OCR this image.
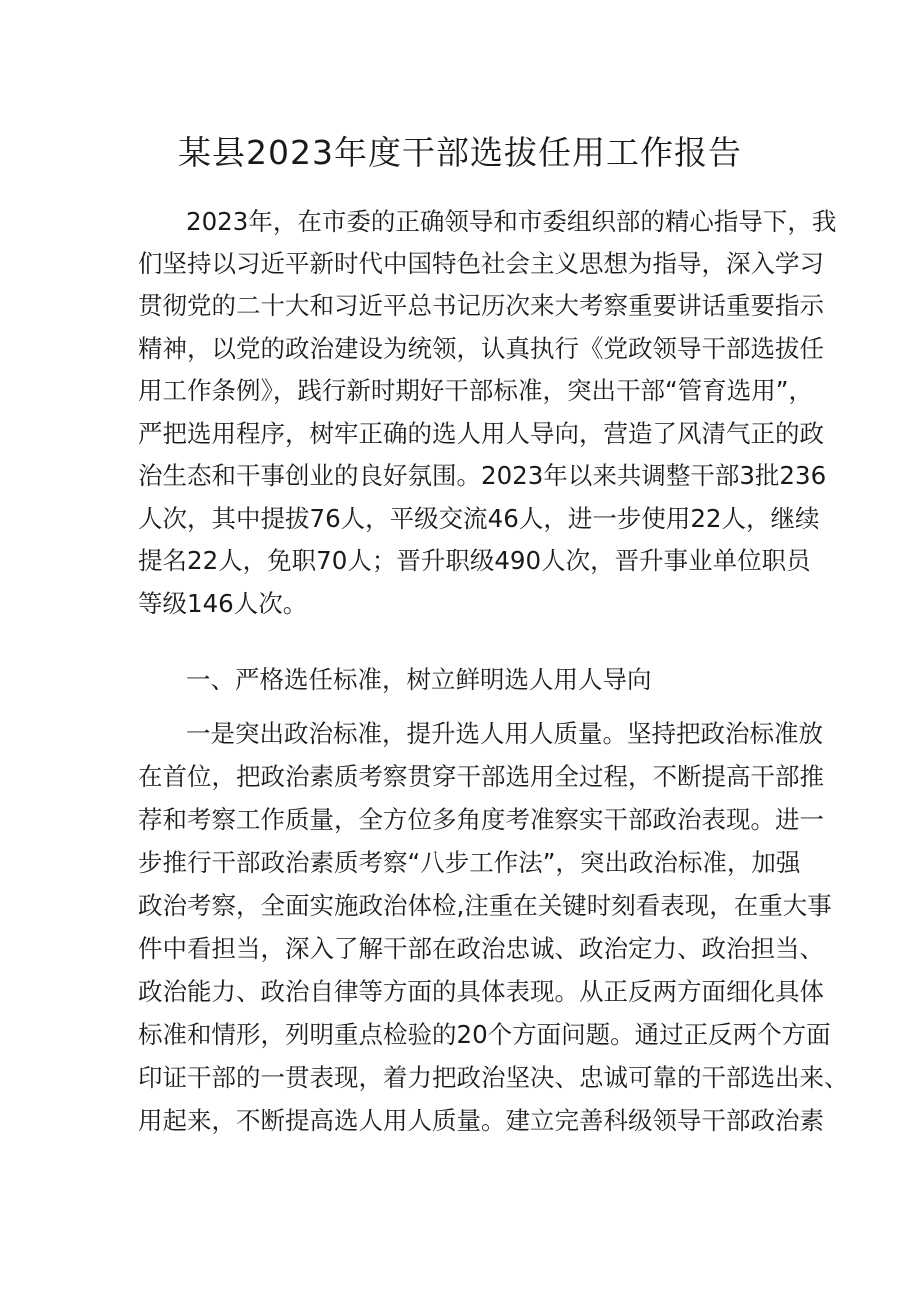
某县2023年度干部选拔任用工作报告
2023年，在市委的正确领导和市委组织部的精心指导下，我
们坚持以习近平新时代中国特色社会主义思想为指导，深入学习
贯彻党的二十大和习近平总书记历次来大考察重要讲话重要指示
精神，以党的政治建设为统领，认真执行《党政领导干部选拔任
用工作条例》，践行新时期好干部标准，突出干部“管育选用”，
严把选用程序，树牢正确的选人用人导向，营造了风清气正的政
治生态和干事创业的良好氛围。2023年以来共调整干部3批236
人次，其中提拔76人，平级交流46人，进一步使用22人，继续
提名22人，免职70人；晋升职级490人次，晋升事业单位职员
等级146人次。
一、严格选任标准，树立鲜明选人用人导向
一是突出政治标准，提升选人用人质量。坚持把政治标准放
在首位，把政治素质考察贯穿干部选用全过程，不断提高干部推
荐和考察工作质量，全方位多角度考准察实干部政治表现。进一
步推行干部政治素质考察“八步工作法”，突出政治标准，加强
政治考察，全面实施政治体检,注重在关键时刻看表现，在重大事
件中看担当，深入了解干部在政治忠诚、政治定力、政治担当、
政治能力、政治自律等方面的具体表现。从正反两方面细化具体
标准和情形，列明重点检验的20个方面问题。通过正反两个方面
印证干部的一贯表现，着力把政治坚决、忠诚可靠的干部选出来、
用起来，不断提高选人用人质量。建立完善科级领导干部政治素
